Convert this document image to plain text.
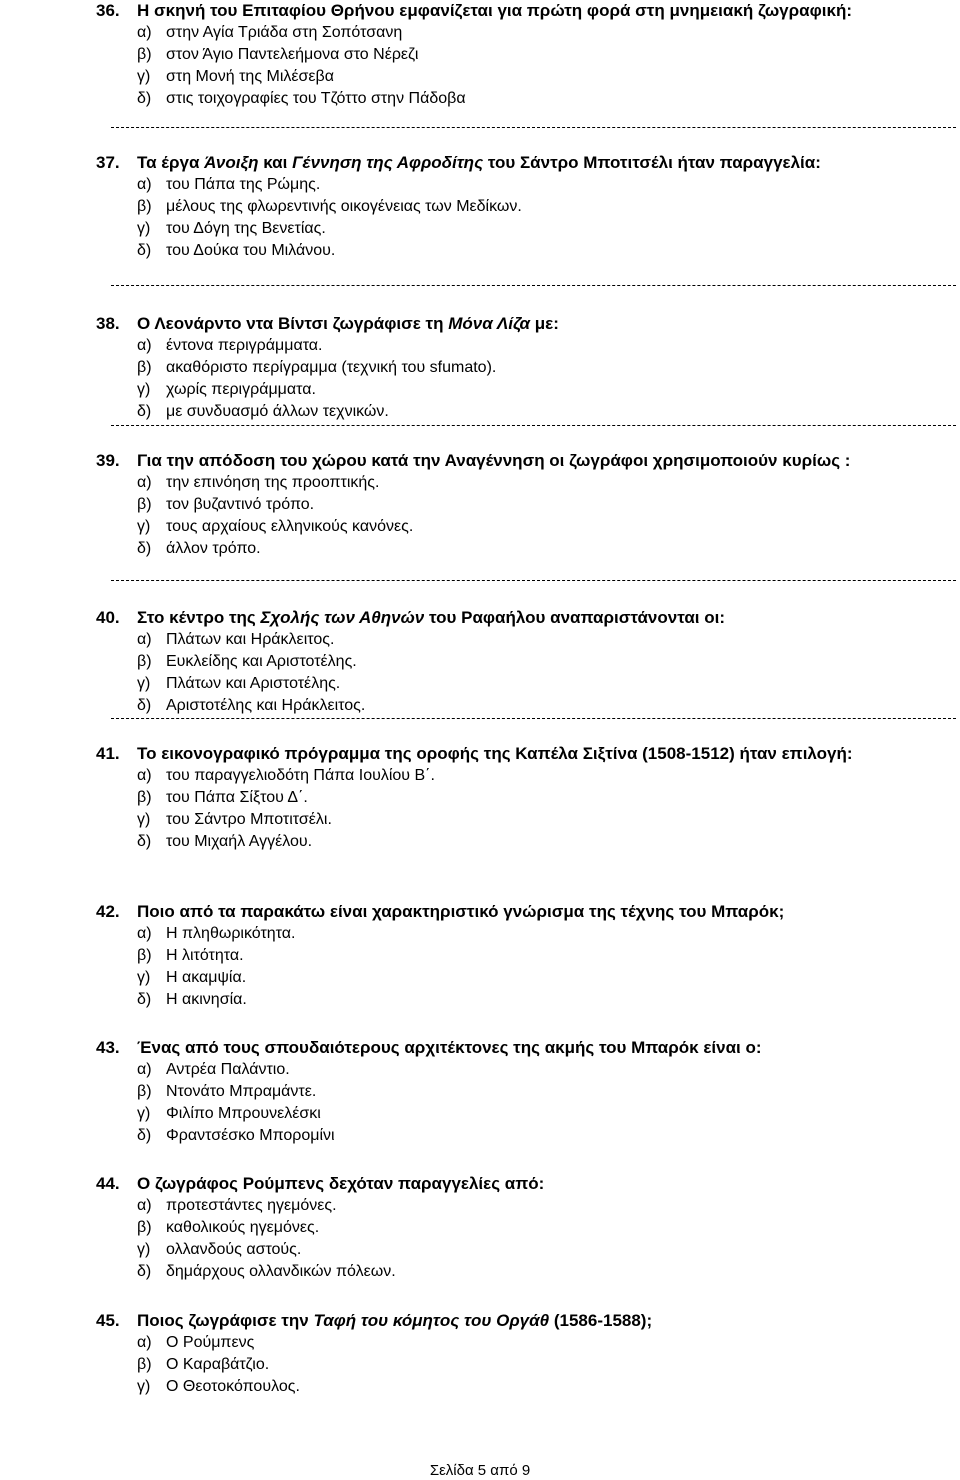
36. Η σκηνή του Επιταφίου Θρήνου εμφανίζεται για πρώτη φορά στη μνημειακή ζωγραφική:
α) στην Αγία Τριάδα στη Σοπότσανη
β) στον Άγιο Παντελεήμονα στο Νέρεζι
γ) στη Μονή της Μιλέσεβα
δ) στις τοιχογραφίες του Τζόττο στην Πάδοβα
37. Τα έργα Άνοιξη και Γέννηση της Αφροδίτης του Σάντρο Μποτιτσέλι ήταν παραγγελία:
α) του Πάπα της Ρώμης.
β) μέλους της φλωρεντινής οικογένειας των Μεδίκων.
γ) του Δόγη της Βενετίας.
δ) του Δούκα του Μιλάνου.
38. Ο Λεονάρντο ντα Βίντσι ζωγράφισε τη Μόνα Λίζα με:
α) έντονα περιγράμματα.
β) ακαθόριστο περίγραμμα (τεχνική του sfumato).
γ) χωρίς περιγράμματα.
δ) με συνδυασμό άλλων τεχνικών.
39. Για την απόδοση του χώρου κατά την Αναγέννηση οι ζωγράφοι χρησιμοποιούν κυρίως :
α) την επινόηση της προοπτικής.
β) τον βυζαντινό τρόπο.
γ) τους αρχαίους ελληνικούς κανόνες.
δ) άλλον τρόπο.
40. Στο κέντρο της Σχολής των Αθηνών του Ραφαήλου αναπαριστάνονται οι:
α) Πλάτων και Ηράκλειτος.
β) Ευκλείδης και Αριστοτέλης.
γ) Πλάτων και Αριστοτέλης.
δ) Αριστοτέλης και Ηράκλειτος.
41. Το εικονογραφικό πρόγραμμα της οροφής της Καπέλα Σιξτίνα (1508-1512) ήταν επιλογή:
α) του παραγγελιοδότη Πάπα Ιουλίου Β΄.
β) του Πάπα Σίξτου Δ΄.
γ) του Σάντρο Μποτιτσέλι.
δ) του Μιχαήλ Αγγέλου.
42. Ποιο από τα παρακάτω είναι χαρακτηριστικό γνώρισμα της τέχνης του Μπαρόκ;
α) Η πληθωρικότητα.
β) Η λιτότητα.
γ) Η ακαμψία.
δ) Η ακινησία.
43. Ένας από τους σπουδαιότερους αρχιτέκτονες της ακμής του Μπαρόκ είναι ο:
α) Αντρέα Παλάντιο.
β) Ντονάτο Μπραμάντε.
γ) Φιλίπο Μπρουνελέσκι
δ) Φραντσέσκο Μπορομίνι
44. Ο ζωγράφος Ρούμπενς δεχόταν παραγγελίες από:
α) προτεστάντες ηγεμόνες.
β) καθολικούς ηγεμόνες.
γ) ολλανδούς αστούς.
δ) δημάρχους ολλανδικών πόλεων.
45. Ποιος ζωγράφισε την Ταφή του κόμητος του Οργάθ (1586-1588);
α) Ο Ρούμπενς
β) Ο Καραβάτζιο.
γ) Ο Θεοτοκόπουλος.
Σελίδα 5 από 9
